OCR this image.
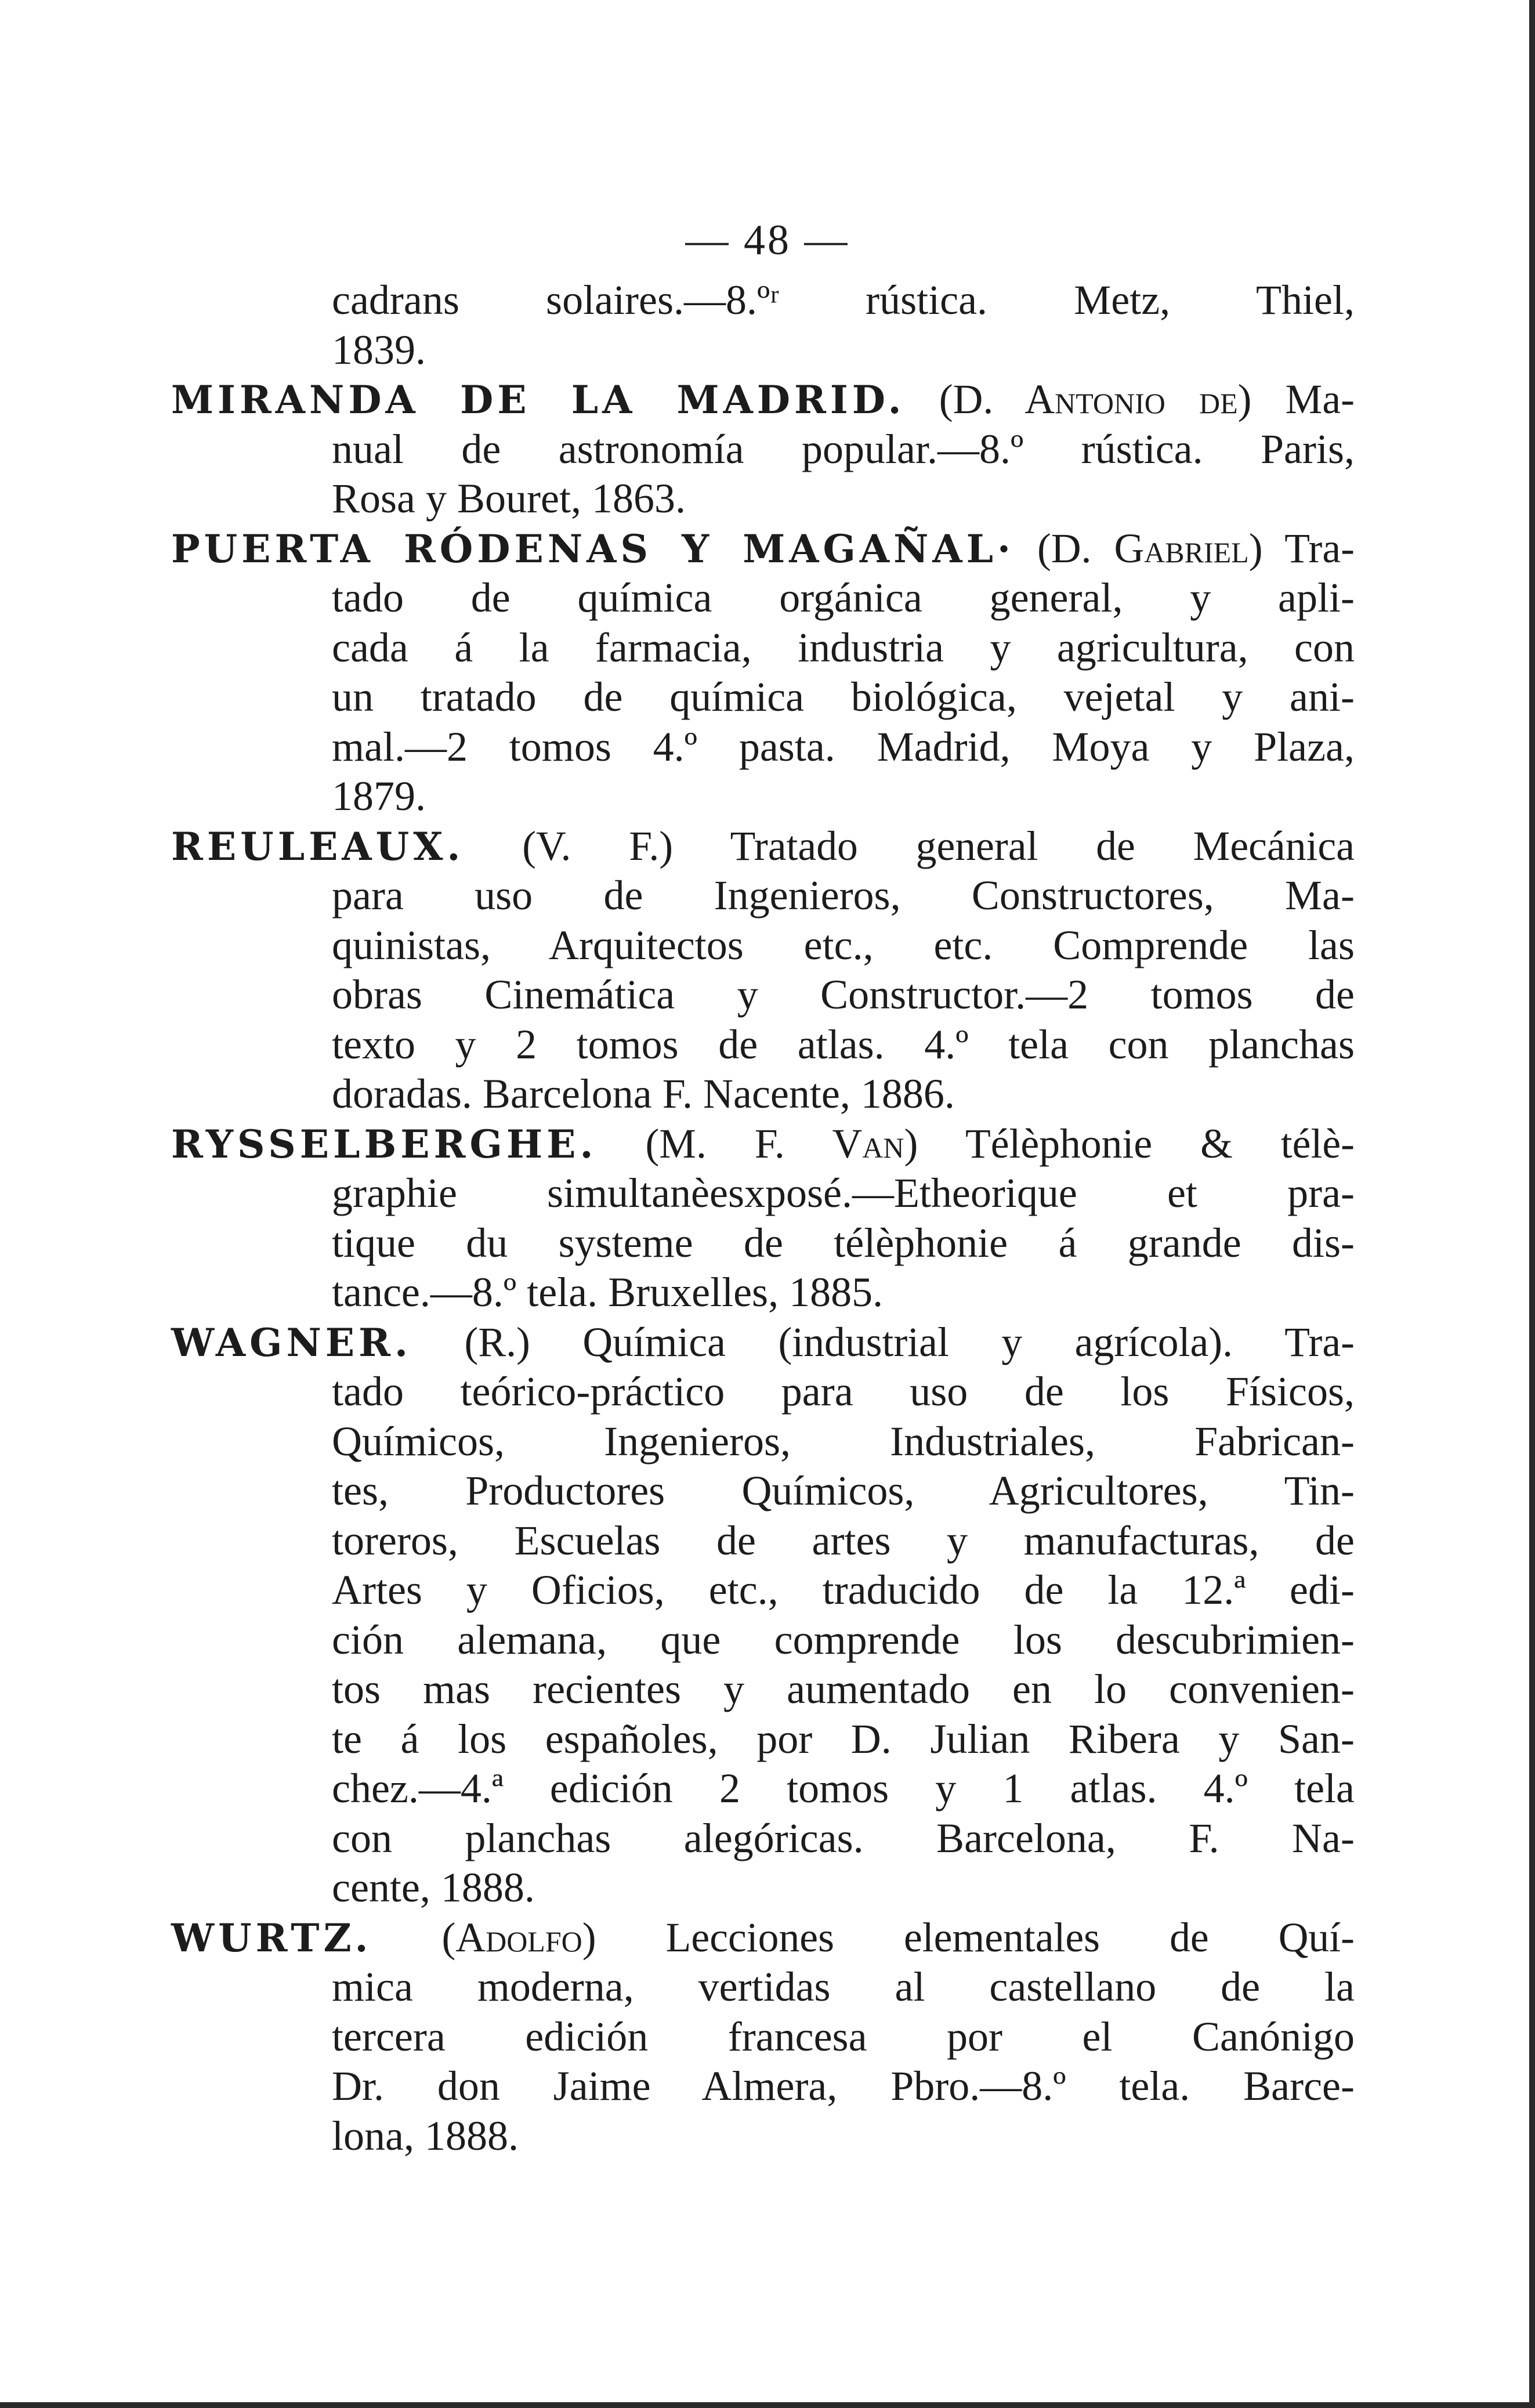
— 48 —
cadrans solaires.—8.ºʳ rústica. Metz, Thiel,
1839.
MIRANDA DE LA MADRID. (D. Antonio de) Ma-
nual de astronomía popular.—8.º rústica. Paris,
Rosa y Bouret, 1863.
PUERTA RÓDENAS Y MAGAÑAL· (D. Gabriel) Tra-
tado de química orgánica general, y apli-
cada á la farmacia, industria y agricultura, con
un tratado de química biológica, vejetal y ani-
mal.—2 tomos 4.º pasta. Madrid, Moya y Plaza,
1879.
REULEAUX. (V. F.) Tratado general de Mecánica
para uso de Ingenieros, Constructores, Ma-
quinistas, Arquitectos etc., etc. Comprende las
obras Cinemática y Constructor.—2 tomos de
texto y 2 tomos de atlas. 4.º tela con planchas
doradas. Barcelona F. Nacente, 1886.
RYSSELBERGHE. (M. F. Van) Télèphonie & télè-
graphie simultanèesxposé.—Etheorique et pra-
tique du systeme de télèphonie á grande dis-
tance.—8.º tela. Bruxelles, 1885.
WAGNER. (R.) Química (industrial y agrícola). Tra-
tado teórico-práctico para uso de los Físicos,
Químicos, Ingenieros, Industriales, Fabrican-
tes, Productores Químicos, Agricultores, Tin-
toreros, Escuelas de artes y manufacturas, de
Artes y Oficios, etc., traducido de la 12.ª edi-
ción alemana, que comprende los descubrimien-
tos mas recientes y aumentado en lo convenien-
te á los españoles, por D. Julian Ribera y San-
chez.—4.ª edición 2 tomos y 1 atlas. 4.º tela
con planchas alegóricas. Barcelona, F. Na-
cente, 1888.
WURTZ. (Adolfo) Lecciones elementales de Quí-
mica moderna, vertidas al castellano de la
tercera edición francesa por el Canónigo
Dr. don Jaime Almera, Pbro.—8.º tela. Barce-
lona, 1888.
